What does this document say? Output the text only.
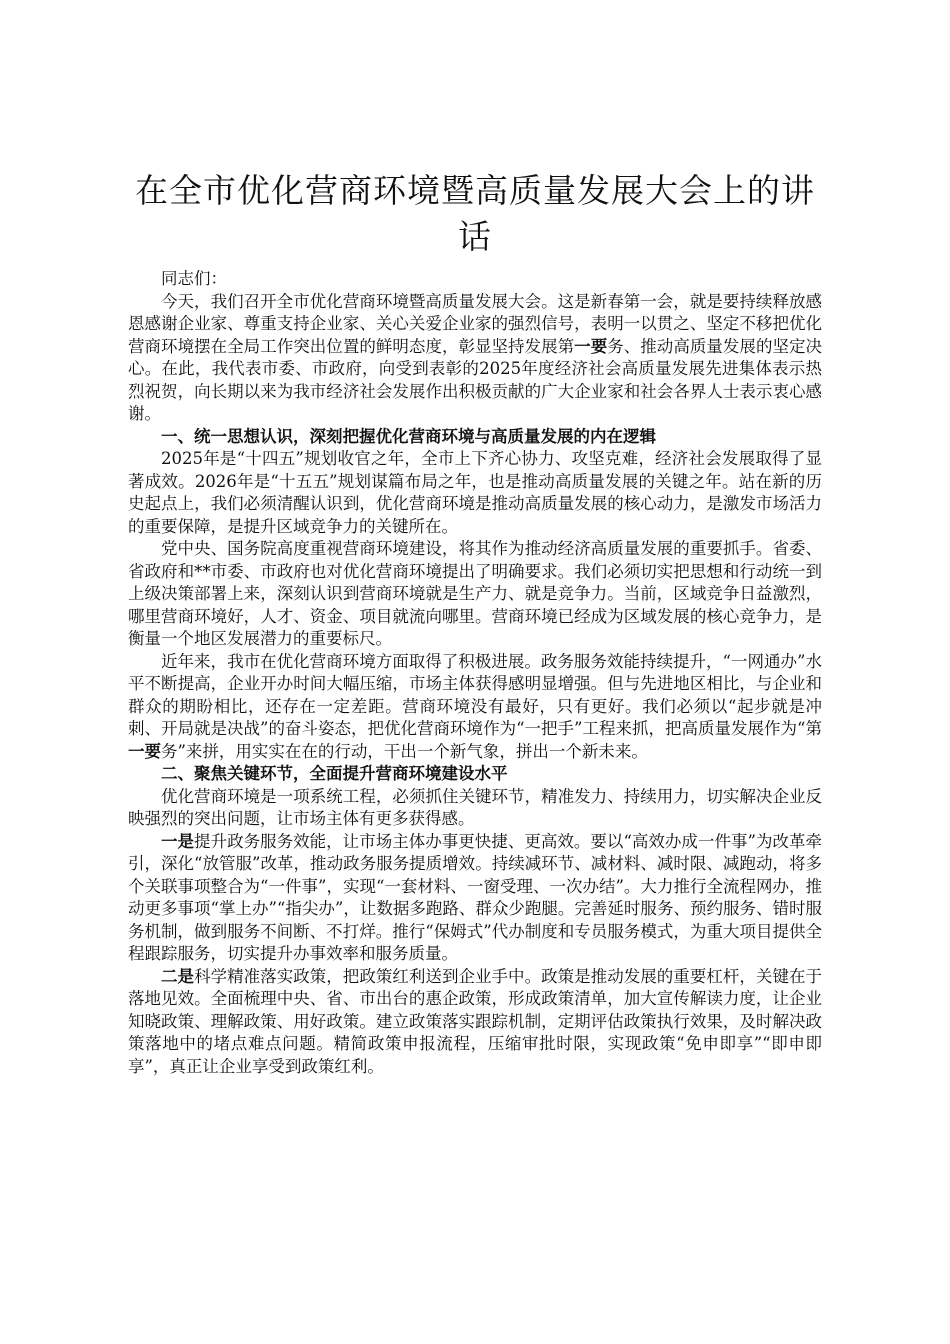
在全市优化营商环境暨高质量发展大会上的讲话
同志们：

今天，我们召开全市优化营商环境暨高质量发展大会。这是新春第一会，就是要持续释放感恩感谢企业家、尊重支持企业家、关心关爱企业家的强烈信号，表明一以贯之、坚定不移把优化营商环境摆在全局工作突出位置的鲜明态度，彰显坚持发展第一要务、推动高质量发展的坚定决心。在此，我代表市委、市政府，向受到表彰的2025年度经济社会高质量发展先进集体表示热烈祝贺，向长期以来为我市经济社会发展作出积极贡献的广大企业家和社会各界人士表示衷心感谢。

一、统一思想认识，深刻把握优化营商环境与高质量发展的内在逻辑

2025年是“十四五”规划收官之年，全市上下齐心协力、攻坚克难，经济社会发展取得了显著成效。2026年是“十五五”规划谋篇布局之年，也是推动高质量发展的关键之年。站在新的历史起点上，我们必须清醒认识到，优化营商环境是推动高质量发展的核心动力，是激发市场活力的重要保障，是提升区域竞争力的关键所在。

党中央、国务院高度重视营商环境建设，将其作为推动经济高质量发展的重要抓手。省委、省政府和**市委、市政府也对优化营商环境提出了明确要求。我们必须切实把思想和行动统一到上级决策部署上来，深刻认识到营商环境就是生产力、就是竞争力。当前，区域竞争日益激烈，哪里营商环境好，人才、资金、项目就流向哪里。营商环境已经成为区域发展的核心竞争力，是衡量一个地区发展潜力的重要标尺。

近年来，我市在优化营商环境方面取得了积极进展。政务服务效能持续提升，“一网通办”水平不断提高，企业开办时间大幅压缩，市场主体获得感明显增强。但与先进地区相比，与企业和群众的期盼相比，还存在一定差距。营商环境没有最好，只有更好。我们必须以“起步就是冲刺、开局就是决战”的奋斗姿态，把优化营商环境作为“一把手”工程来抓，把高质量发展作为“第一要务”来拼，用实实在在的行动，干出一个新气象，拼出一个新未来。

二、聚焦关键环节，全面提升营商环境建设水平

优化营商环境是一项系统工程，必须抓住关键环节，精准发力、持续用力，切实解决企业反映强烈的突出问题，让市场主体有更多获得感。

一是提升政务服务效能，让市场主体办事更快捷、更高效。要以“高效办成一件事”为改革牵引，深化“放管服”改革，推动政务服务提质增效。持续减环节、减材料、减时限、减跑动，将多个关联事项整合为“一件事”，实现“一套材料、一窗受理、一次办结”。大力推行全流程网办，推动更多事项“掌上办”“指尖办”，让数据多跑路、群众少跑腿。完善延时服务、预约服务、错时服务机制，做到服务不间断、不打烊。推行“保姆式”代办制度和专员服务模式，为重大项目提供全程跟踪服务，切实提升办事效率和服务质量。

二是科学精准落实政策，把政策红利送到企业手中。政策是推动发展的重要杠杆，关键在于落地见效。全面梳理中央、省、市出台的惠企政策，形成政策清单，加大宣传解读力度，让企业知晓政策、理解政策、用好政策。建立政策落实跟踪机制，定期评估政策执行效果，及时解决政策落地中的堵点难点问题。精简政策申报流程，压缩审批时限，实现政策“免申即享”“即申即享”，真正让企业享受到政策红利。
